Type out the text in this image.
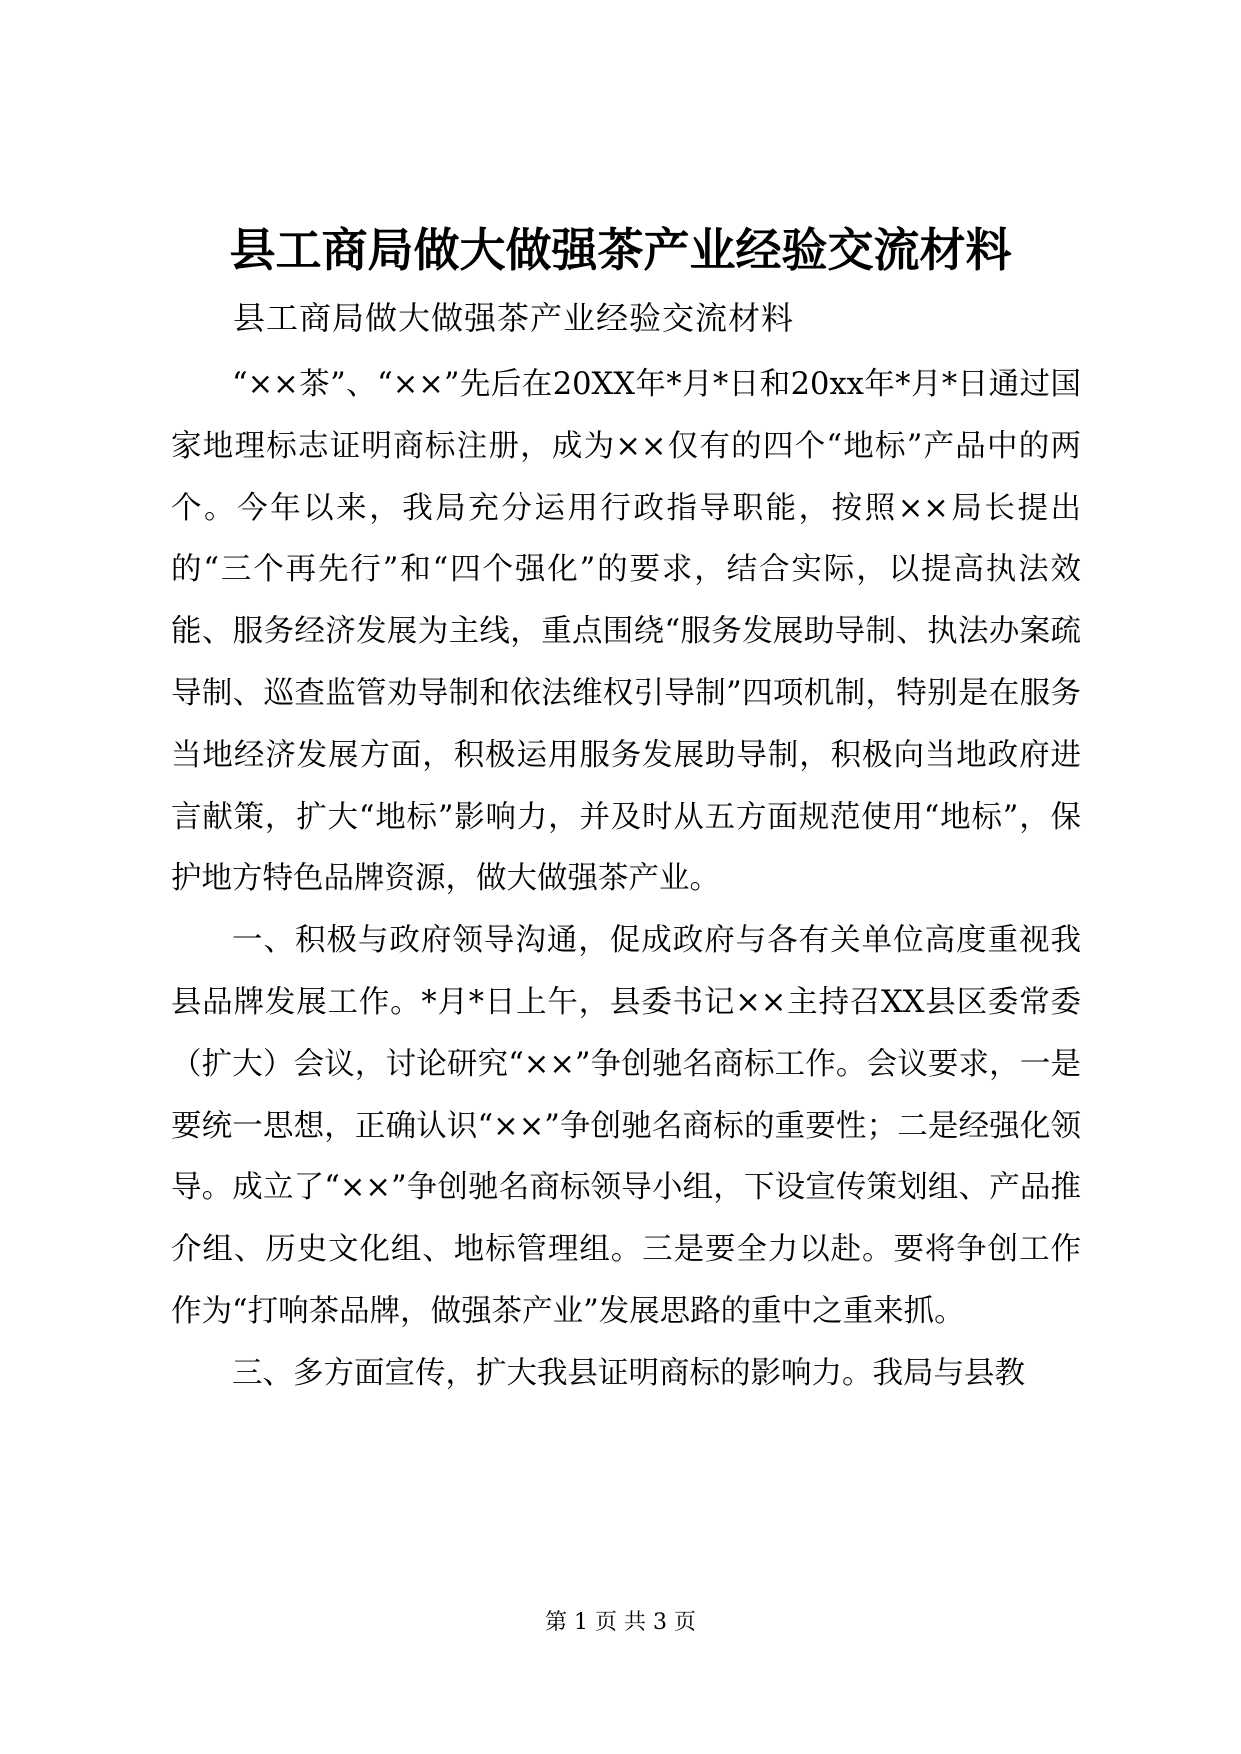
县工商局做大做强茶产业经验交流材料

县工商局做大做强茶产业经验交流材料

“××茶”、“××”先后在20XX年*月*日和20xx年*月*日通过国家地理标志证明商标注册，成为××仅有的四个“地标”产品中的两个。今年以来，我局充分运用行政指导职能，按照××局长提出的“三个再先行”和“四个强化”的要求，结合实际，以提高执法效能、服务经济发展为主线，重点围绕“服务发展助导制、执法办案疏导制、巡查监管劝导制和依法维权引导制”四项机制，特别是在服务当地经济发展方面，积极运用服务发展助导制，积极向当地政府进言献策，扩大“地标”影响力，并及时从五方面规范使用“地标”，保护地方特色品牌资源，做大做强茶产业。

一、积极与政府领导沟通，促成政府与各有关单位高度重视我县品牌发展工作。*月*日上午，县委书记××主持召XX县区委常委（扩大）会议，讨论研究“××”争创驰名商标工作。会议要求，一是要统一思想，正确认识“××”争创驰名商标的重要性；二是经强化领导。成立了“××”争创驰名商标领导小组，下设宣传策划组、产品推介组、历史文化组、地标管理组。三是要全力以赴。要将争创工作作为“打响茶品牌，做强茶产业”发展思路的重中之重来抓。

三、多方面宣传，扩大我县证明商标的影响力。我局与县教

第 1 页 共 3 页
